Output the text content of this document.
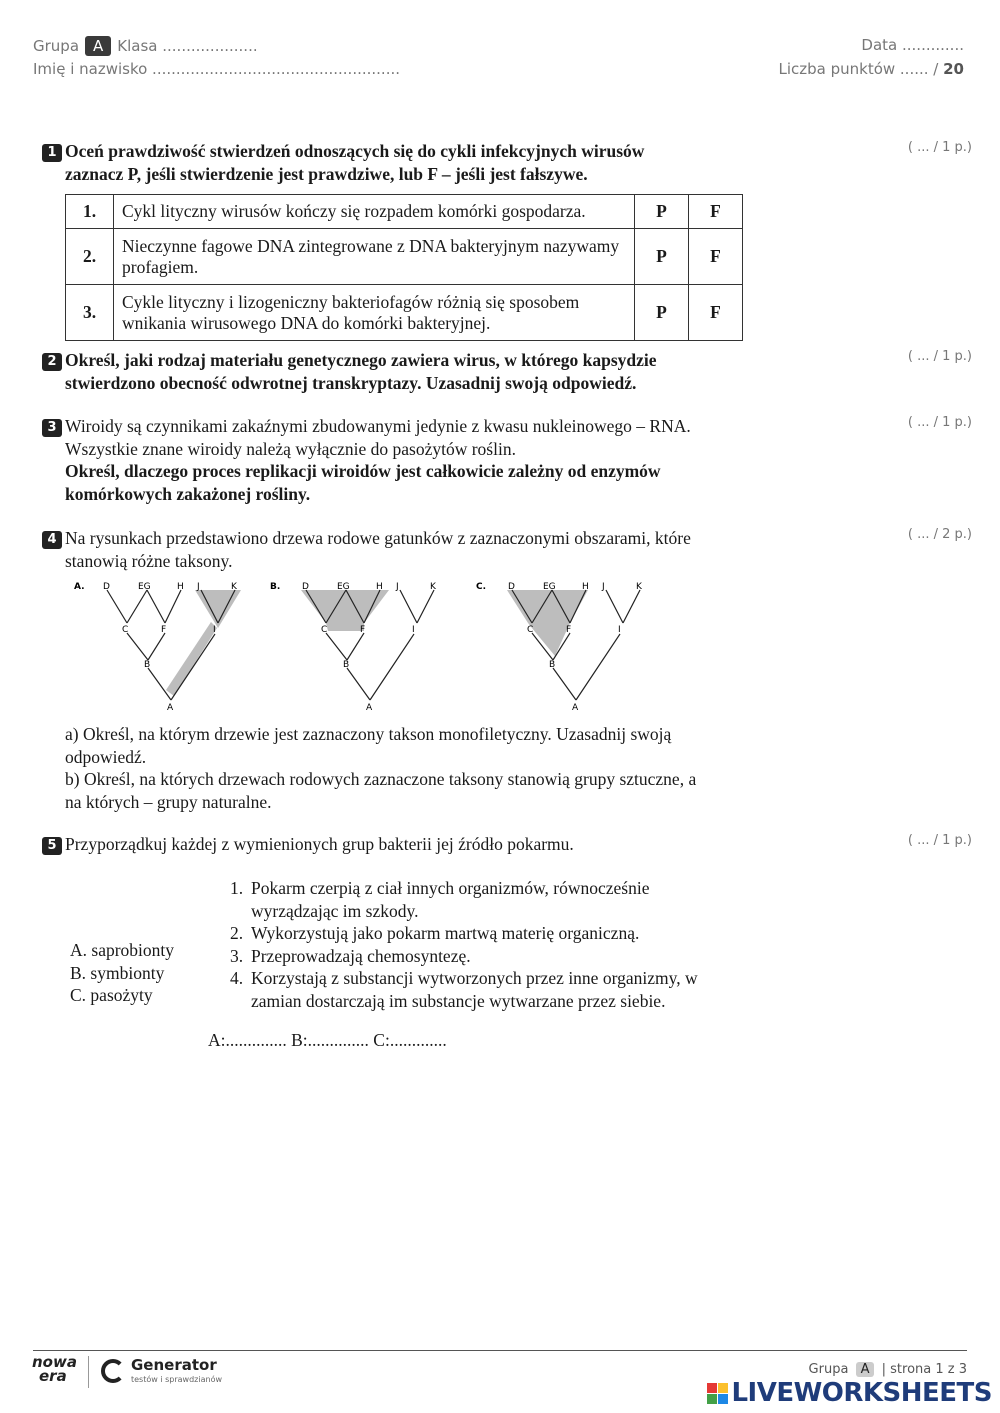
Grupa A Klasa ....................
Imię i nazwisko ....................................................
Data .............
Liczba punktów ...... / 20

1 Oceń prawdziwość stwierdzeń odnoszących się do cykli infekcyjnych wirusów

zaznacz P, jeśli stwierdzenie jest prawdziwe, lub F – jeśli jest fałszywe.

( ... / 1 p.)
1.	Cykl lityczny wirusów kończy się rozpadem komórki gospodarza.	P	F
2.	Nieczynne fagowe DNA zintegrowane z DNA bakteryjnym nazywamy profagiem.	P	F
3.	Cykle lityczny i lizogeniczny bakteriofagów różnią się sposobem wnikania wirusowego DNA do komórki bakteryjnej.	P	F

2 Określ, jaki rodzaj materiału genetycznego zawiera wirus, w którego kapsydzie

stwierdzono obecność odwrotnej transkryptazy. Uzasadnij swoją odpowiedź.

( ... / 1 p.)

3 Wiroidy są czynnikami zakaźnymi zbudowanymi jedynie z kwasu nukleinowego – RNA.

Wszystkie znane wiroidy należą wyłącznie do pasożytów roślin.

Określ, dlaczego proces replikacji wiroidów jest całkowicie zależny od enzymów

komórkowych zakażonej rośliny.

( ... / 1 p.)

4 Na rysunkach przedstawiono drzewa rodowe gatunków z zaznaczonymi obszarami, które

stanowią różne taksony.

( ... / 2 p.)
A. D	EG	H J	K
C	F	I
B
A
B. D	EG	H J	K
C	F	I
B
A
C. D	EG	H J	K
C	F	I
B
A

a) Określ, na którym drzewie jest zaznaczony takson monofiletyczny. Uzasadnij swoją

odpowiedź.

b) Określ, na których drzewach rodowych zaznaczone taksony stanowią grupy sztuczne, a

na których – grupy naturalne.

5 Przyporządkuj każdej z wymienionych grup bakterii jej źródło pokarmu.	( ... / 1 p.)
A. saprobionty
B. symbionty
C. pasożyty
1. Pokarm czerpią z ciał innych organizmów, równocześnie
wyrządzając im szkody.
2. Wykorzystują jako pokarm martwą materię organiczną.
3. Przeprowadzają chemosyntezę.
4. Korzystają z substancji wytworzonych przez inne organizmy, w
zamian dostarczają im substancje wytwarzane przez siebie.
A:.............. B:.............. C:.............
nowa
era
Generator
testów i sprawdzianów
Grupa A | strona 1 z 3
LIVEWORKSHEETS
